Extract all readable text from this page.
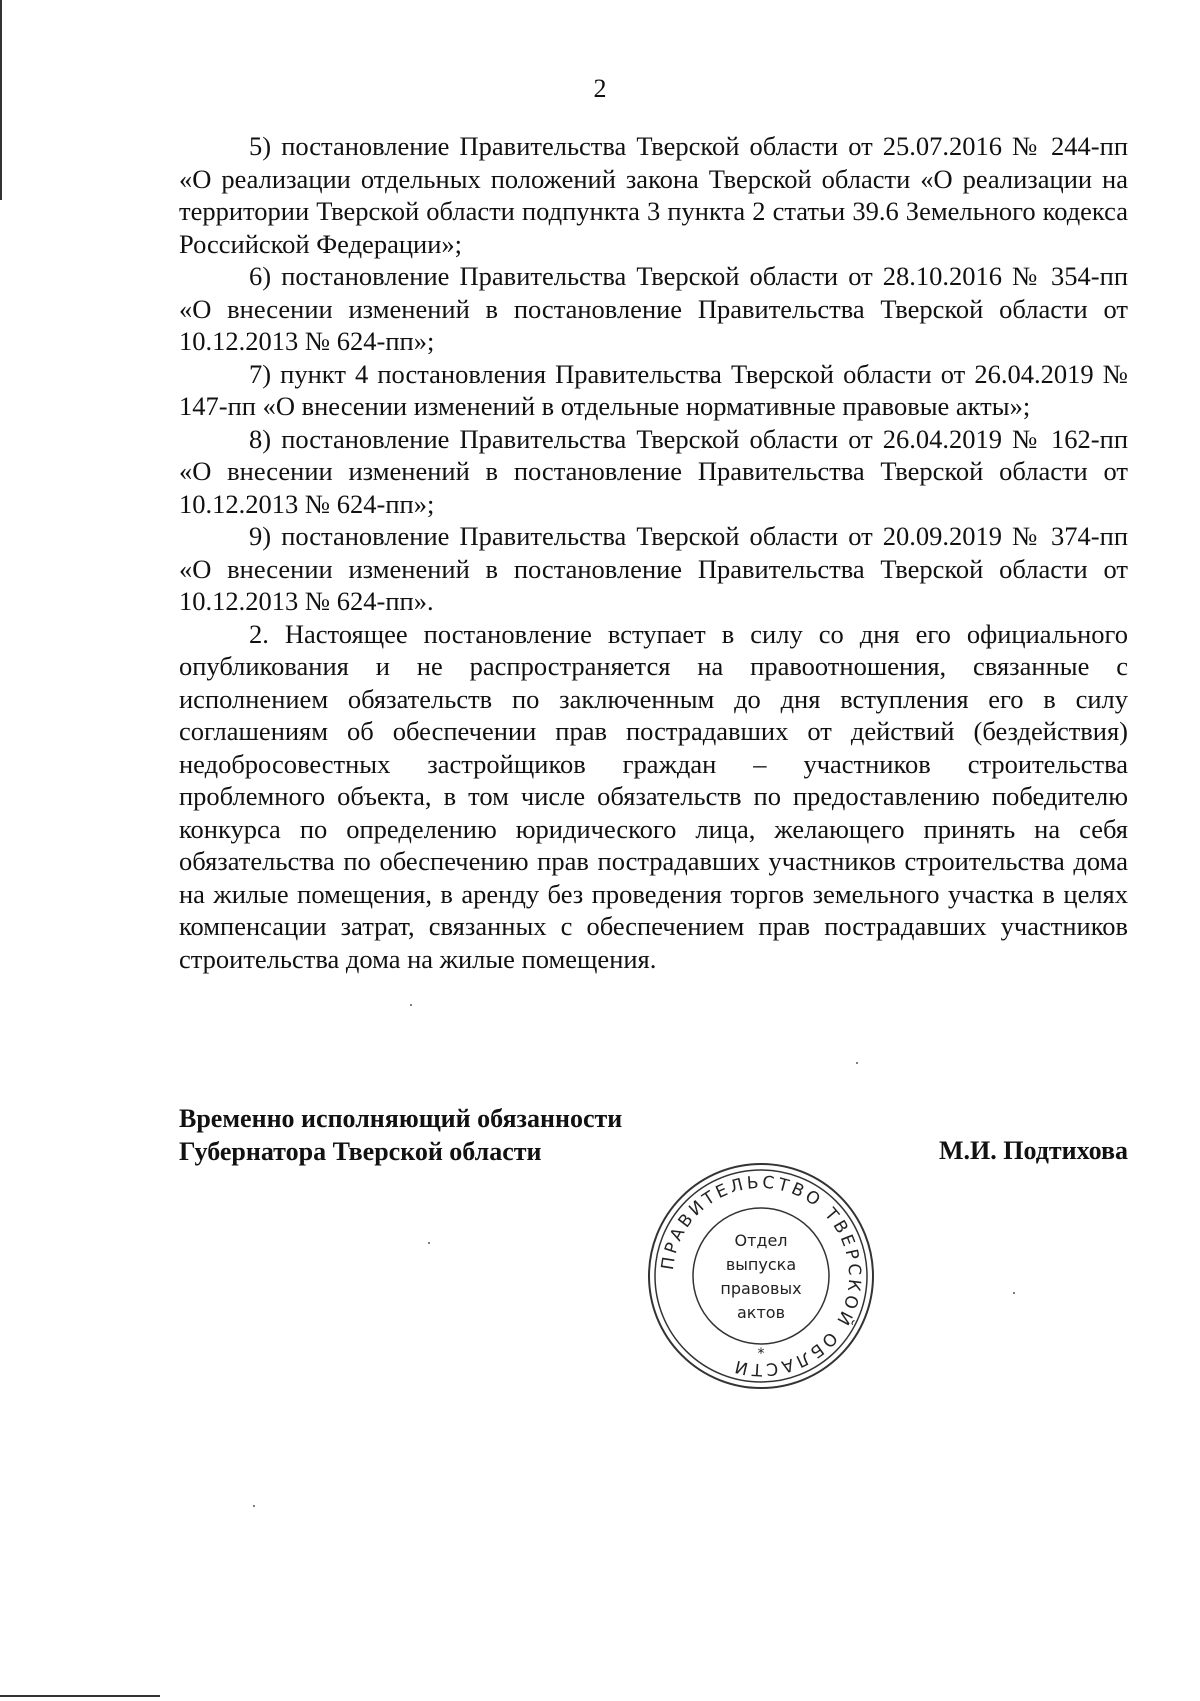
2

5) постановление Правительства Тверской области от 25.07.2016 № 244-пп «О реализации отдельных положений закона Тверской области «О реализации на территории Тверской области подпункта 3 пункта 2 статьи 39.6 Земельного кодекса Российской Федерации»;

6) постановление Правительства Тверской области от 28.10.2016 № 354-пп «О внесении изменений в постановление Правительства Тверской области от 10.12.2013 № 624-пп»;

7) пункт 4 постановления Правительства Тверской области от 26.04.2019 № 147-пп «О внесении изменений в отдельные нормативные правовые акты»;

8) постановление Правительства Тверской области от 26.04.2019 № 162-пп «О внесении изменений в постановление Правительства Тверской области от 10.12.2013 № 624-пп»;

9) постановление Правительства Тверской области от 20.09.2019 № 374-пп «О внесении изменений в постановление Правительства Тверской области от 10.12.2013 № 624-пп».

2. Настоящее постановление вступает в силу со дня его официального опубликования и не распространяется на правоотношения, связанные с исполнением обязательств по заключенным до дня вступления его в силу соглашениям об обеспечении прав пострадавших от действий (бездействия) недобросовестных застройщиков граждан – участников строительства проблемного объекта, в том числе обязательств по предоставлению победителю конкурса по определению юридического лица, желающего принять на себя обязательства по обеспечению прав пострадавших участников строительства дома на жилые помещения, в аренду без проведения торгов земельного участка в целях компенсации затрат, связанных с обеспечением прав пострадавших участников строительства дома на жилые помещения.

Временно исполняющий обязанности
Губернатора Тверской области	М.И. Подтихова
ПРАВИТЕЛЬСТВО ТВЕРСКОЙ ОБЛАСТИ
*
Отдел
выпуска
правовых
актов
